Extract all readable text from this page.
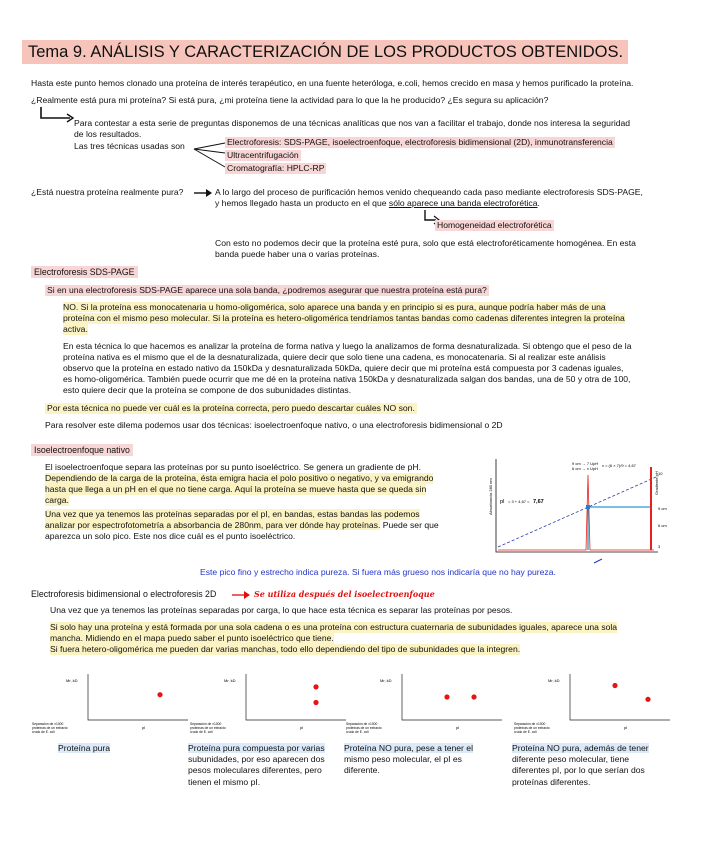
Tema 9. ANÁLISIS Y CARACTERIZACIÓN DE LOS PRODUCTOS OBTENIDOS.
Hasta este punto hemos clonado una proteína de interés terapéutico, en una fuente heteróloga, e.coli, hemos crecido en masa y hemos purificado la proteína.
¿Realmente está pura mi proteína? Si está pura, ¿mi proteína tiene la actividad para lo que la he producido? ¿Es segura su aplicación?
Para contestar a esta serie de preguntas disponemos de una técnicas analíticas que nos van a facilitar el trabajo, donde nos interesa la seguridad
de los resultados.
Las tres técnicas usadas son	Electroforesis: SDS-PAGE, isoelectroenfoque, electroforesis bidimensional (2D), inmunotransferencia
Ultracentrifugación
Cromatografía: HPLC-RP
¿Está nuestra proteína realmente pura?	A lo largo del proceso de purificación hemos venido chequeando cada paso mediante electroforesis SDS-PAGE,
y hemos llegado hasta un producto en el que sólo aparece una banda electroforética.
Homogeneidad electroforética
Con esto no podemos decir que la proteína esté pura, solo que está electroforéticamente homogénea. En esta
banda puede haber una o varias proteínas.
Electroforesis SDS-PAGE
Si en una electroforesis SDS-PAGE aparece una sola banda, ¿podremos asegurar que nuestra proteína está pura?
NO. Si la proteína ess monocatenaria u homo-oligomérica, solo aparece una banda y en principio si es pura, aunque podría haber más de una
proteína con el mismo peso molecular. Si la proteína es hetero-oligomérica tendríamos tantas bandas como cadenas diferentes integren la proteína
activa.
En esta técnica lo que hacemos es analizar la proteína de forma nativa y luego la analizamos de forma desnaturalizada. Si obtengo que el peso de la
proteína nativa es el mismo que el de la desnaturalizada, quiere decir que solo tiene una cadena, es monocatenaria. Si al realizar este análisis
observo que la proteína en estado nativo da 150kDa y desnaturalizada 50kDa, quiere decir que mi proteína está compuesta por 3 cadenas iguales,
es homo-oligomérica. También puede ocurrir que me dé en la proteína nativa 150kDa y desnaturalizada salgan dos bandas, una de 50 y otra de 100,
esto quiere decir que la proteína se compone de dos subunidades distintas.
Por esta técnica no puede ver cuál es la proteína correcta, pero puedo descartar cuáles NO son.
Para resolver este dilema podemos usar dos técnicas: isoelectroenfoque nativo, o una electroforesis bidimensional o 2D
Isoelectroenfoque nativo
El isoelectroenfoque separa las proteínas por su punto isoeléctrico. Se genera un gradiente de pH.
Dependiendo de la carga de la proteína, ésta emigra hacia el polo positivo o negativo, y va emigrando
hasta que llega a un pH en el que no tiene carga. Aquí la proteína se mueve hasta que se queda sin
carga.
Una vez que ya tenemos las proteínas separadas por el pI, en bandas, estas bandas las podemos
analizar por espectrofotometría a absorbancia de 280nm, para ver dónde hay proteínas. Puede ser que
aparezca un solo pico. Este nos dice cuál es el punto isoeléctrico.
Absorbancia 280 nm
9 cm → 7 UpH
6 cm → x UpH
x = (6 × 7)/9 = 4,67
pI = 3 + 4,67 = 7,67
Gradiente pH 10
9 cm
6 cm
3
Este pico fino y estrecho indica pureza. Si fuera más grueso nos indicaría que no hay pureza.
Electroforesis bidimensional o electroforesis 2D	Se utiliza después del isoelectroenfoque
Una vez que ya tenemos las proteínas separadas por carga, lo que hace esta técnica es separar las proteínas por pesos.
Si solo hay una proteína y está formada por una sola cadena o es una proteína con estructura cuaternaria de subunidades iguales, aparece una sola
mancha. Midiendo en el mapa puedo saber el punto isoeléctrico que tiene.
Si fuera hetero-oligomérica me pueden dar varias manchas, todo ello dependiendo del tipo de subunidades que la integren.
Mr, kD
pI
Separación de ±1000
proteínas de un extracto
crudo de E. coli
Mr, kD
pI
Separación de ±1000
proteínas de un extracto
crudo de E. coli
Mr, kD
pI
Separación de ±1000
proteínas de un extracto
crudo de E. coli
Mr, kD
pI
Separación de ±1000
proteínas de un extracto
crudo de E. coli
Proteína pura	Proteína pura compuesta por varias
subunidades, por eso aparecen dos
pesos moleculares diferentes, pero
tienen el mismo pI.
Proteína NO pura, pese a tener el
mismo peso molecular, el pI es
diferente.
Proteína NO pura, además de tener
diferente peso molecular, tiene
diferentes pI, por lo que serían dos
proteínas diferentes.
